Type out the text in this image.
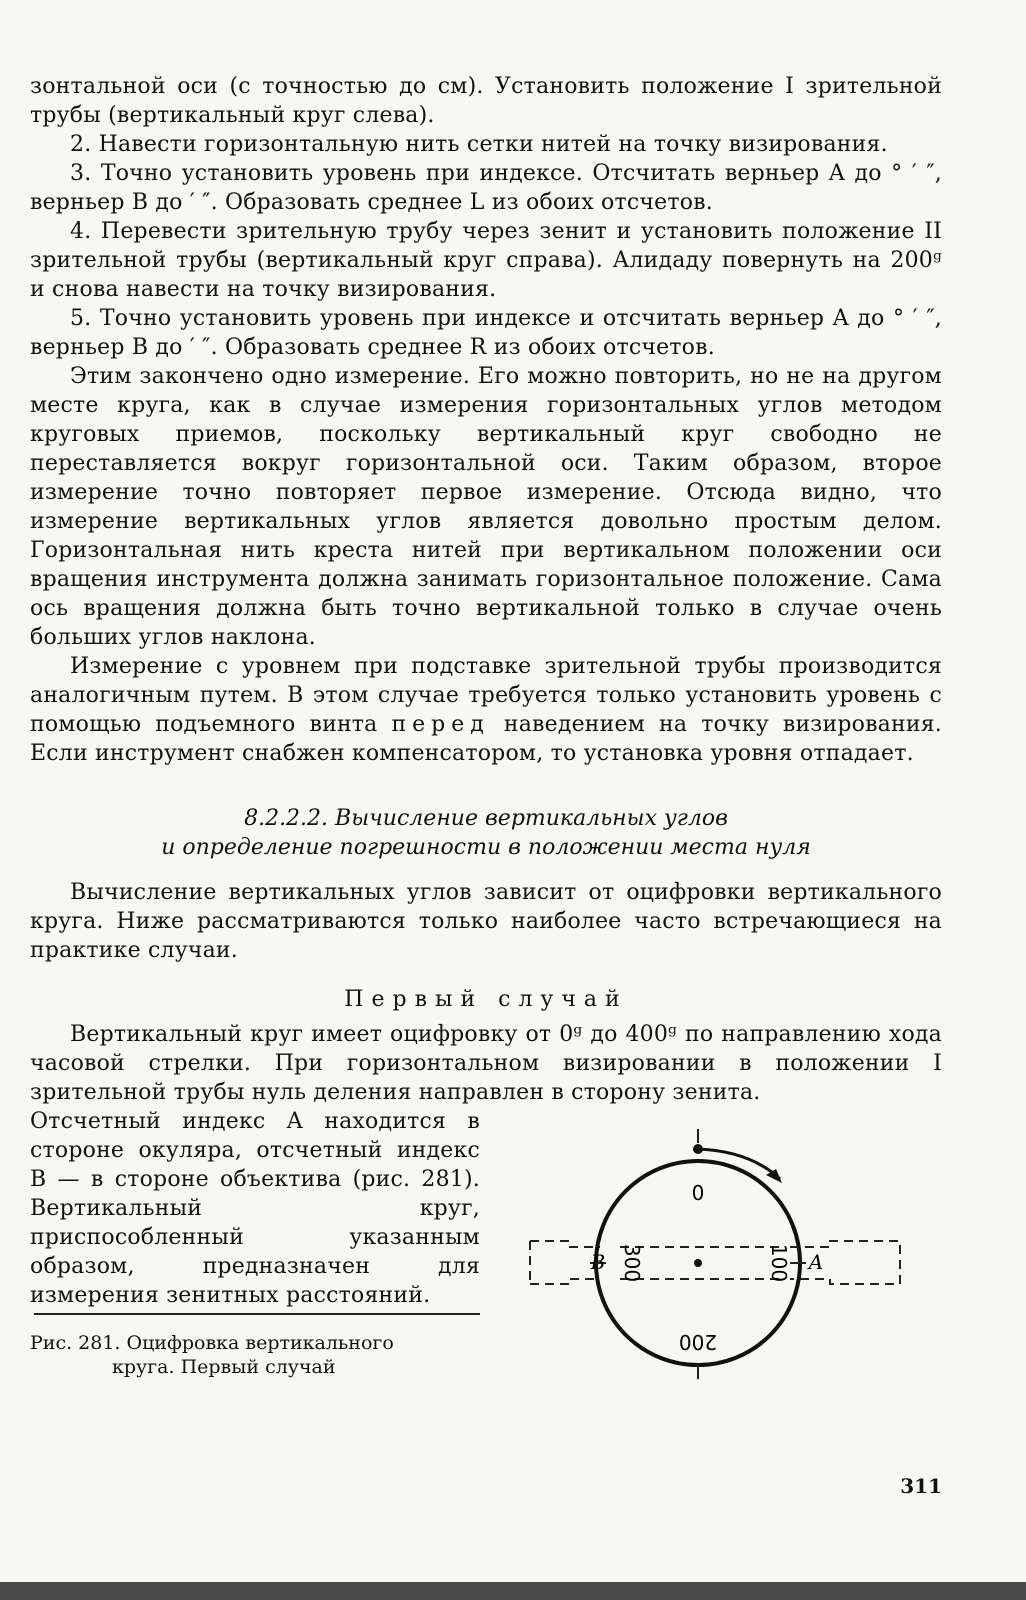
зонтальной оси (с точностью до см). Установить положение I зрительной трубы (вертикальный круг слева).

2. Навести горизонтальную нить сетки нитей на точку визирования.

3. Точно установить уровень при индексе. Отсчитать верньер A до ° ′ ″, верньер B до ′ ″. Образовать среднее L из обоих отсчетов.

4. Перевести зрительную трубу через зенит и установить положение II зрительной трубы (вертикальный круг справа). Алидаду повернуть на 200ᵍ и снова навести на точку визирования.

5. Точно установить уровень при индексе и отсчитать верньер A до ° ′ ″, верньер B до ′ ″. Образовать среднее R из обоих отсчетов.

Этим закончено одно измерение. Его можно повторить, но не на другом месте круга, как в случае измерения горизонтальных углов методом круговых приемов, поскольку вертикальный круг свободно не переставляется вокруг горизонтальной оси. Таким образом, второе измерение точно повторяет первое измерение. Отсюда видно, что измерение вертикальных углов является довольно простым делом. Горизонтальная нить креста нитей при вертикальном положении оси вращения инструмента должна занимать горизонтальное положение. Сама ось вращения должна быть точно вертикальной только в случае очень больших углов наклона.

Измерение с уровнем при подставке зрительной трубы производится аналогичным путем. В этом случае требуется только установить уровень с помощью подъемного винта перед наведением на точку визирования. Если инструмент снабжен компенсатором, то установка уровня отпадает.

8.2.2.2. Вычисление вертикальных углов
и определение погрешности в положении места нуля

Вычисление вертикальных углов зависит от оцифровки вертикального круга. Ниже рассматриваются только наиболее часто встречающиеся на практике случаи.

Первый случай

Вертикальный круг имеет оцифровку от 0ᵍ до 400ᵍ по направлению хода часовой стрелки. При горизонтальном визировании в положении I зрительной трубы нуль деления направлен в сторону зенита.

Отсчетный индекс A находится в стороне окуляра, отсчетный индекс B — в стороне объектива (рис. 281). Вертикальный круг, приспособленный указанным образом, предназначен для измерения зенитных расстояний.

Рис. 281. Оцифровка вертикального
круга. Первый случай
0
200
300	100
B	A
311
